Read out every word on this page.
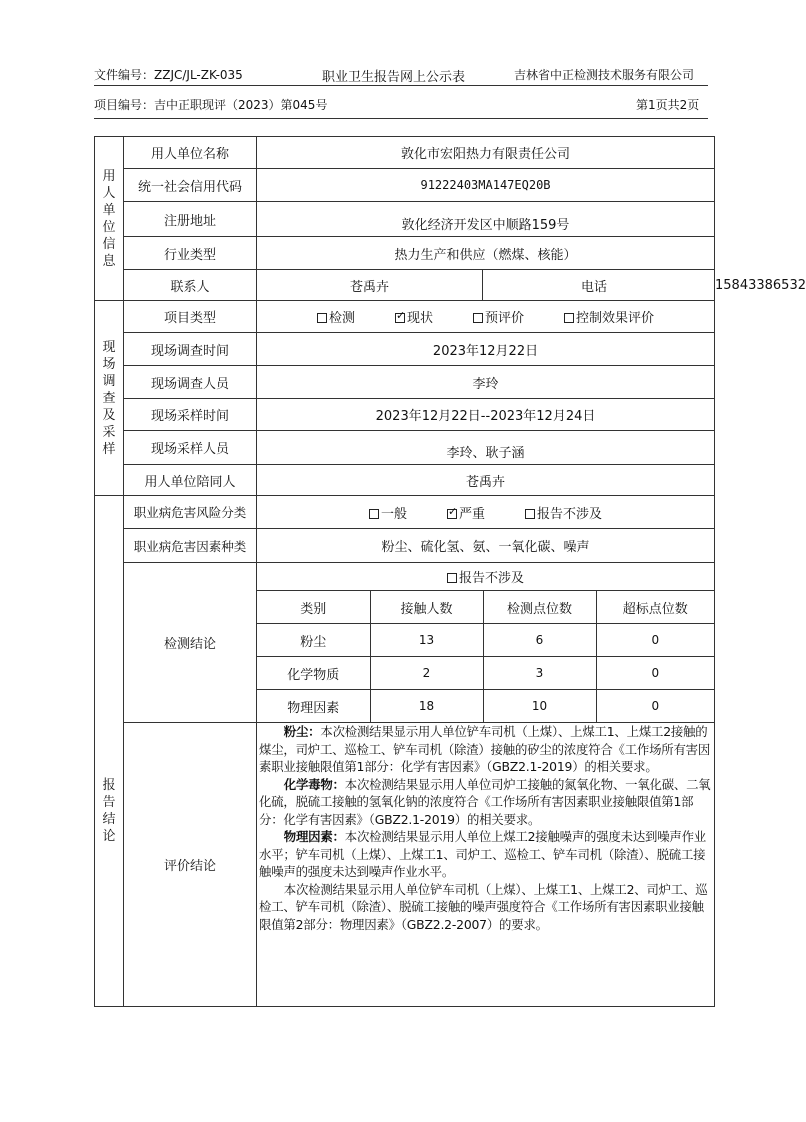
文件编号：ZZJC/JL-ZK-035	职业卫生报告网上公示表	吉林省中正检测技术服务有限公司
项目编号：吉中正职现评（2023）第045号	第1页共2页
用
人
单
位
信
息
	用人单位名称	敦化市宏阳热力有限责任公司
统一社会信用代码	91222403MA147EQ20B
注册地址	敦化经济开发区中顺路159号
行业类型	热力生产和供应（燃煤、核能）
联系人	苍禹卉	电话	15843386532

现
场
调
查
及
采
样
	项目类型	检测 ✓	现状	预评价	控制效果评价
现场调查时间	2023年12月22日
现场调查人员	李玲
现场采样时间	2023年12月22日--2023年12月24日
现场采样人员	李玲、耿子涵
用人单位陪同人	苍禹卉

报
告
结
论
	职业病危害风险分类	一般 ✓	严重	报告不涉及
职业病危害因素种类	粉尘、硫化氢、氨、一氧化碳、噪声
检测结论	报告不涉及

类别	接触人数	检测点位数	超标点位数
粉尘	13	6	0
化学物质	2	3	0
物理因素	18	10	0

评价结论	

粉尘：本次检测结果显示用人单位铲车司机（上煤）、上煤工1、上煤工2接触的煤尘，司炉工、巡检工、铲车司机（除渣）接触的矽尘的浓度符合《工作场所有害因素职业接触限值第1部分：化学有害因素》（GBZ2.1-2019）的相关要求。

化学毒物：本次检测结果显示用人单位司炉工接触的氮氧化物、一氧化碳、二氧化硫，脱硫工接触的氢氧化钠的浓度符合《工作场所有害因素职业接触限值第1部分：化学有害因素》（GBZ2.1-2019）的相关要求。

物理因素：本次检测结果显示用人单位上煤工2接触噪声的强度未达到噪声作业水平；铲车司机（上煤）、上煤工1、司炉工、巡检工、铲车司机（除渣）、脱硫工接触噪声的强度未达到噪声作业水平。

本次检测结果显示用人单位铲车司机（上煤）、上煤工1、上煤工2、司炉工、巡检工、铲车司机（除渣）、脱硫工接触的噪声强度符合《工作场所有害因素职业接触限值第2部分：物理因素》（GBZ2.2-2007）的要求。
